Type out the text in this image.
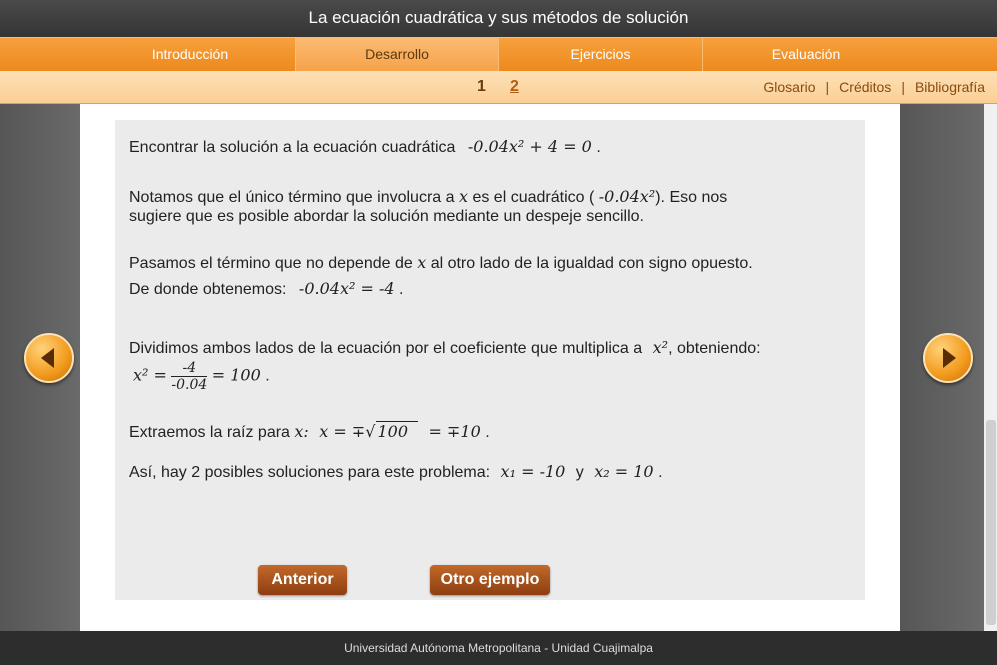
La ecuación cuadrática y sus métodos de solución
Introducción	Desarrollo	Ejercicios	Evaluación
1 2	Glosario | Créditos | Bibliografía
Encontrar la solución a la ecuación cuadrática -0.04x² + 4 = 0 .
Notamos que el único término que involucra a x es el cuadrático ( -0.04x²). Eso nos
sugiere que es posible abordar la solución mediante un despeje sencillo.
Pasamos el término que no depende de x al otro lado de la igualdad con signo opuesto.
De donde obtenemos: -0.04x² = -4 .
Dividimos ambos lados de la ecuación por el coeficiente que multiplica a x², obteniendo:
$x^2 = \frac{-4}{-0.04} = 100$ .
Extraemos la raíz para x: x = ∓√ 100 = ∓10 .
Así, hay 2 posibles soluciones para este problema: x₁ = -10 y x₂ = 10 .
Anterior	Otro ejemplo
Universidad Autónoma Metropolitana - Unidad Cuajimalpa
